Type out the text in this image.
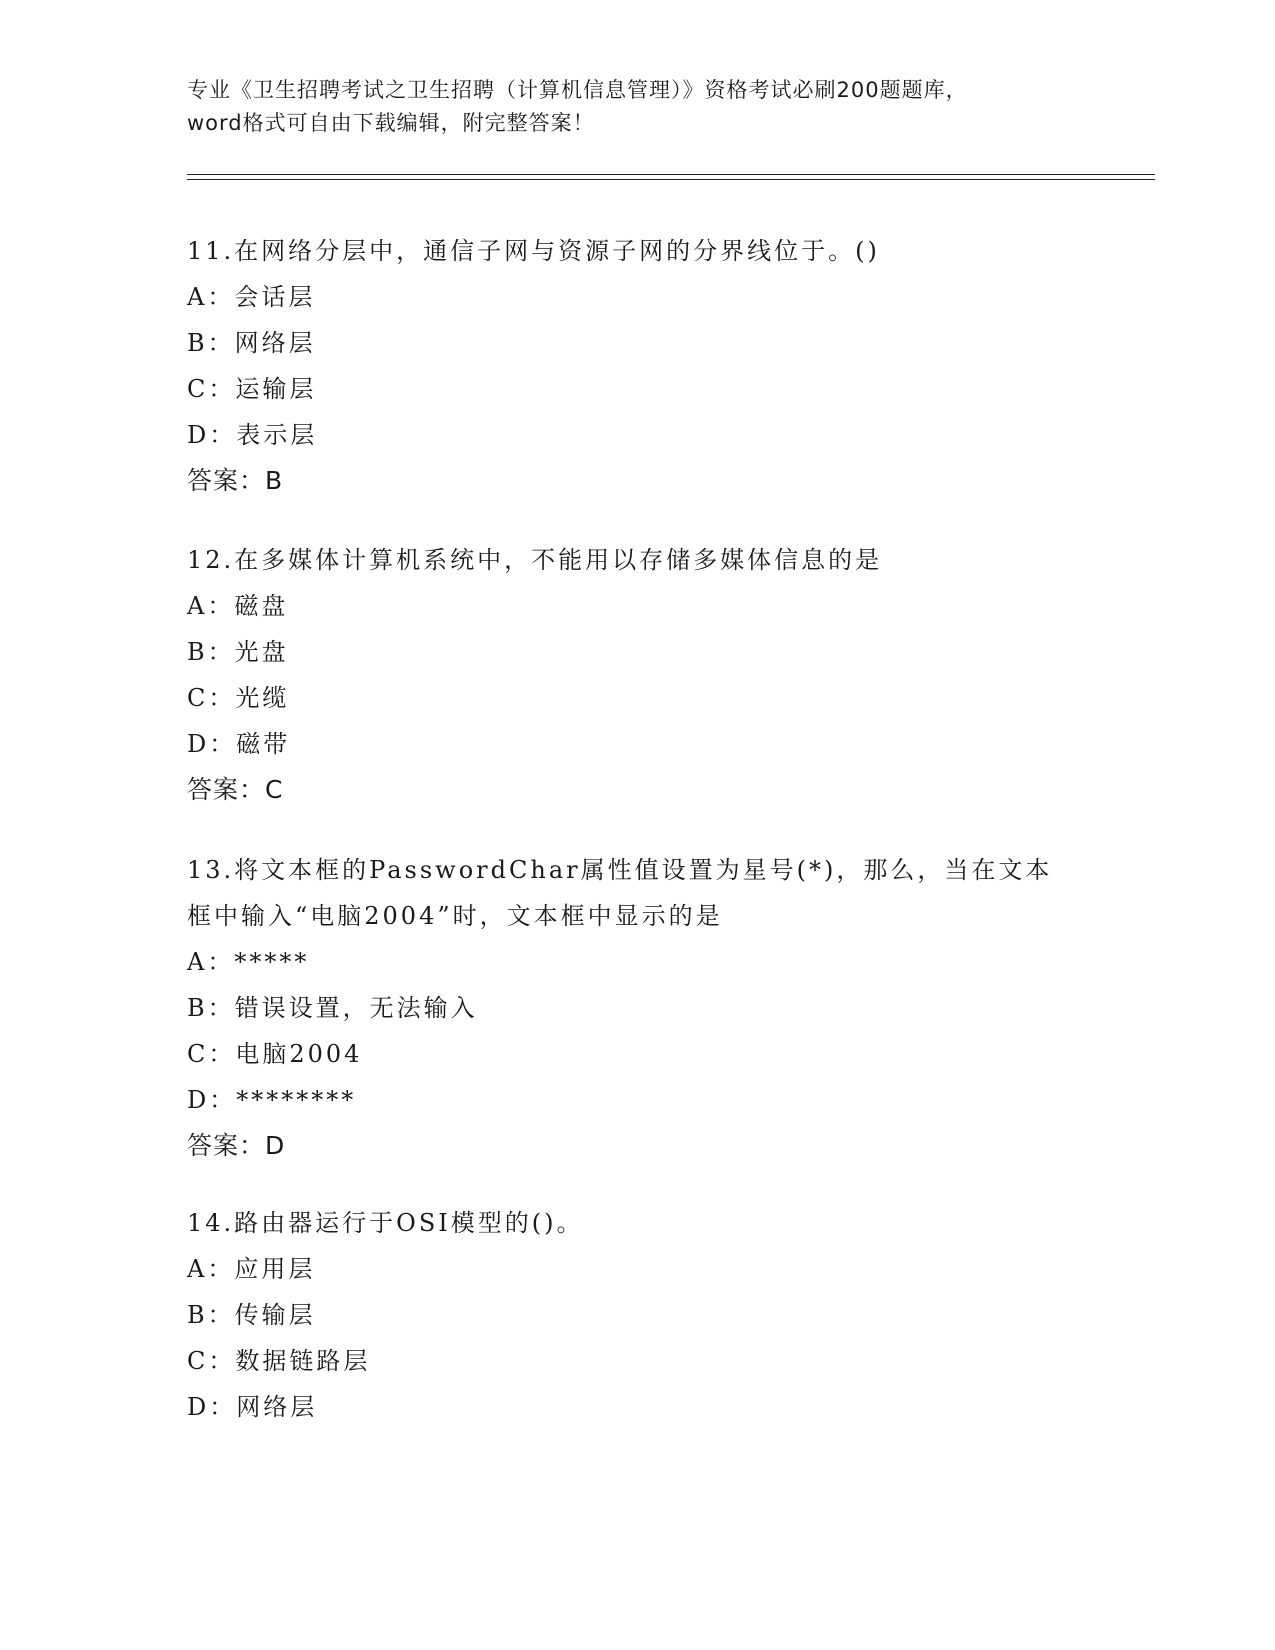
专业《卫生招聘考试之卫生招聘（计算机信息管理）》资格考试必刷200题题库，
word格式可自由下载编辑，附完整答案！
11.在网络分层中，通信子网与资源子网的分界线位于。()
A：会话层
B：网络层
C：运输层
D：表示层
答案：B
12.在多媒体计算机系统中，不能用以存储多媒体信息的是
A：磁盘
B：光盘
C：光缆
D：磁带
答案：C
13.将文本框的PasswordChar属性值设置为星号(*)，那么，当在文本
框中输入“电脑2004”时，文本框中显示的是
A：*****
B：错误设置，无法输入
C：电脑2004
D：********
答案：D
14.路由器运行于OSI模型的()。
A：应用层
B：传输层
C：数据链路层
D：网络层
